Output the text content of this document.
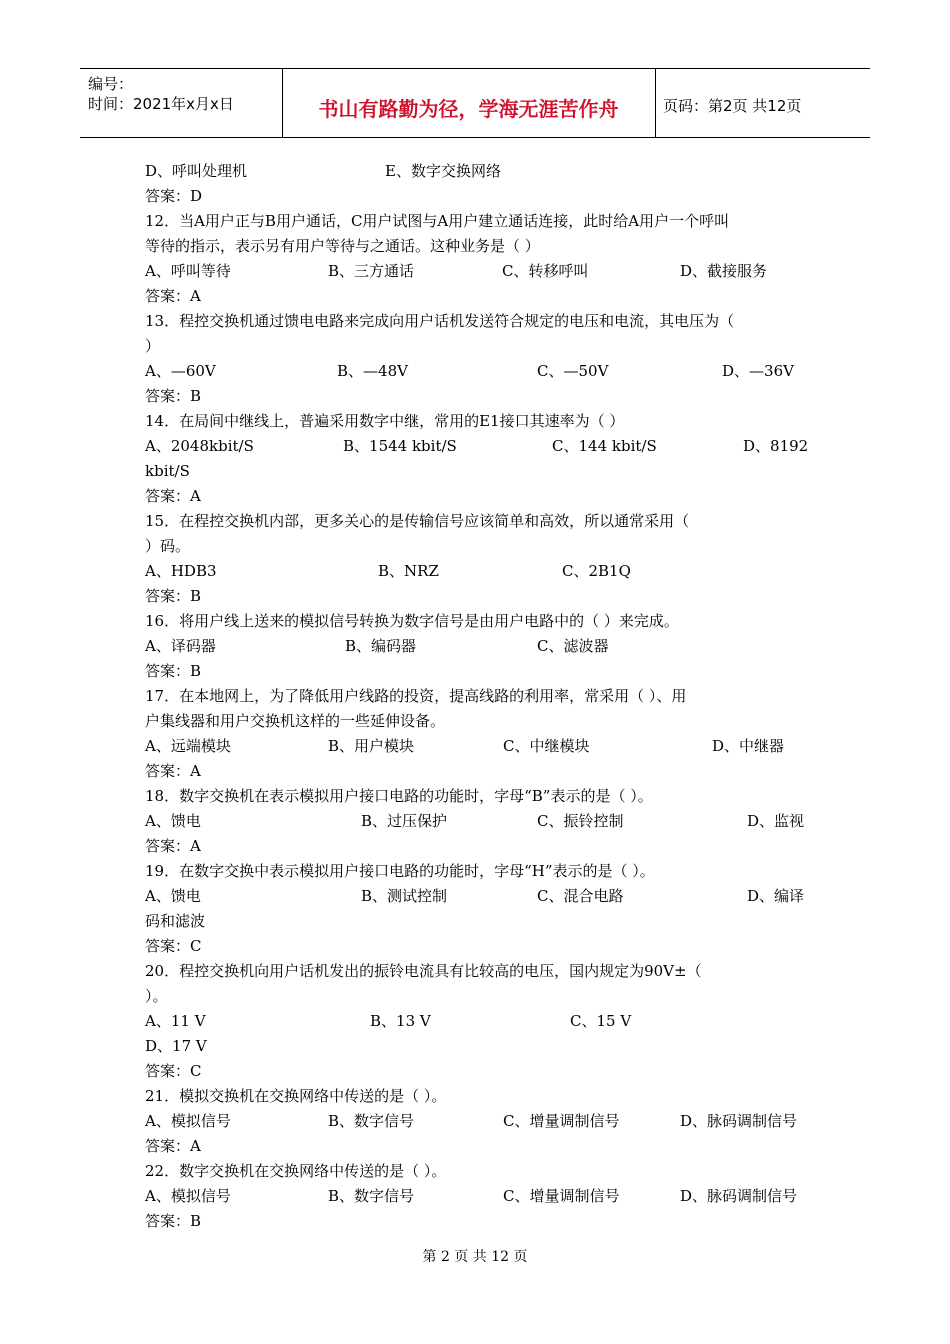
编号：
时间：2021年x月x日	书山有路勤为径，学海无涯苦作舟	页码：第2页 共12页
D、呼叫处理机	E、数字交换网络
答案：D
12．当A用户正与B用户通话，C用户试图与A用户建立通话连接，此时给A用户一个呼叫
等待的指示，表示另有用户等待与之通话。这种业务是（ ）
A、呼叫等待	B、三方通话	C、转移呼叫	D、截接服务
答案：A
13．程控交换机通过馈电电路来完成向用户话机发送符合规定的电压和电流，其电压为（
）
A、—60V	B、—48V	C、—50V	D、—36V
答案：B
14．在局间中继线上，普遍采用数字中继，常用的E1接口其速率为（ ）
A、2048kbit/S	B、1544 kbit/S	C、144 kbit/S	D、8192
kbit/S
答案：A
15．在程控交换机内部，更多关心的是传输信号应该简单和高效，所以通常采用（
）码。
A、HDB3	B、NRZ	C、2B1Q
答案：B
16．将用户线上送来的模拟信号转换为数字信号是由用户电路中的（ ）来完成。
A、译码器	B、编码器	C、滤波器
答案：B
17．在本地网上，为了降低用户线路的投资，提高线路的利用率，常采用（ ）、用
户集线器和用户交换机这样的一些延伸设备。
A、远端模块	B、用户模块	C、中继模块	D、中继器
答案：A
18．数字交换机在表示模拟用户接口电路的功能时，字母“B”表示的是（ ）。
A、馈电	B、过压保护	C、振铃控制	D、监视
答案：A
19．在数字交换中表示模拟用户接口电路的功能时，字母“H”表示的是（ ）。
A、馈电	B、测试控制	C、混合电路	D、编译
码和滤波
答案：C
20．程控交换机向用户话机发出的振铃电流具有比较高的电压，国内规定为90V±（
）。
A、11 V	B、13 V	C、15 V
D、17 V
答案：C
21．模拟交换机在交换网络中传送的是（ ）。
A、模拟信号	B、数字信号	C、增量调制信号	D、脉码调制信号
答案：A
22．数字交换机在交换网络中传送的是（ ）。
A、模拟信号	B、数字信号	C、增量调制信号	D、脉码调制信号
答案：B
第 2 页 共 12 页
